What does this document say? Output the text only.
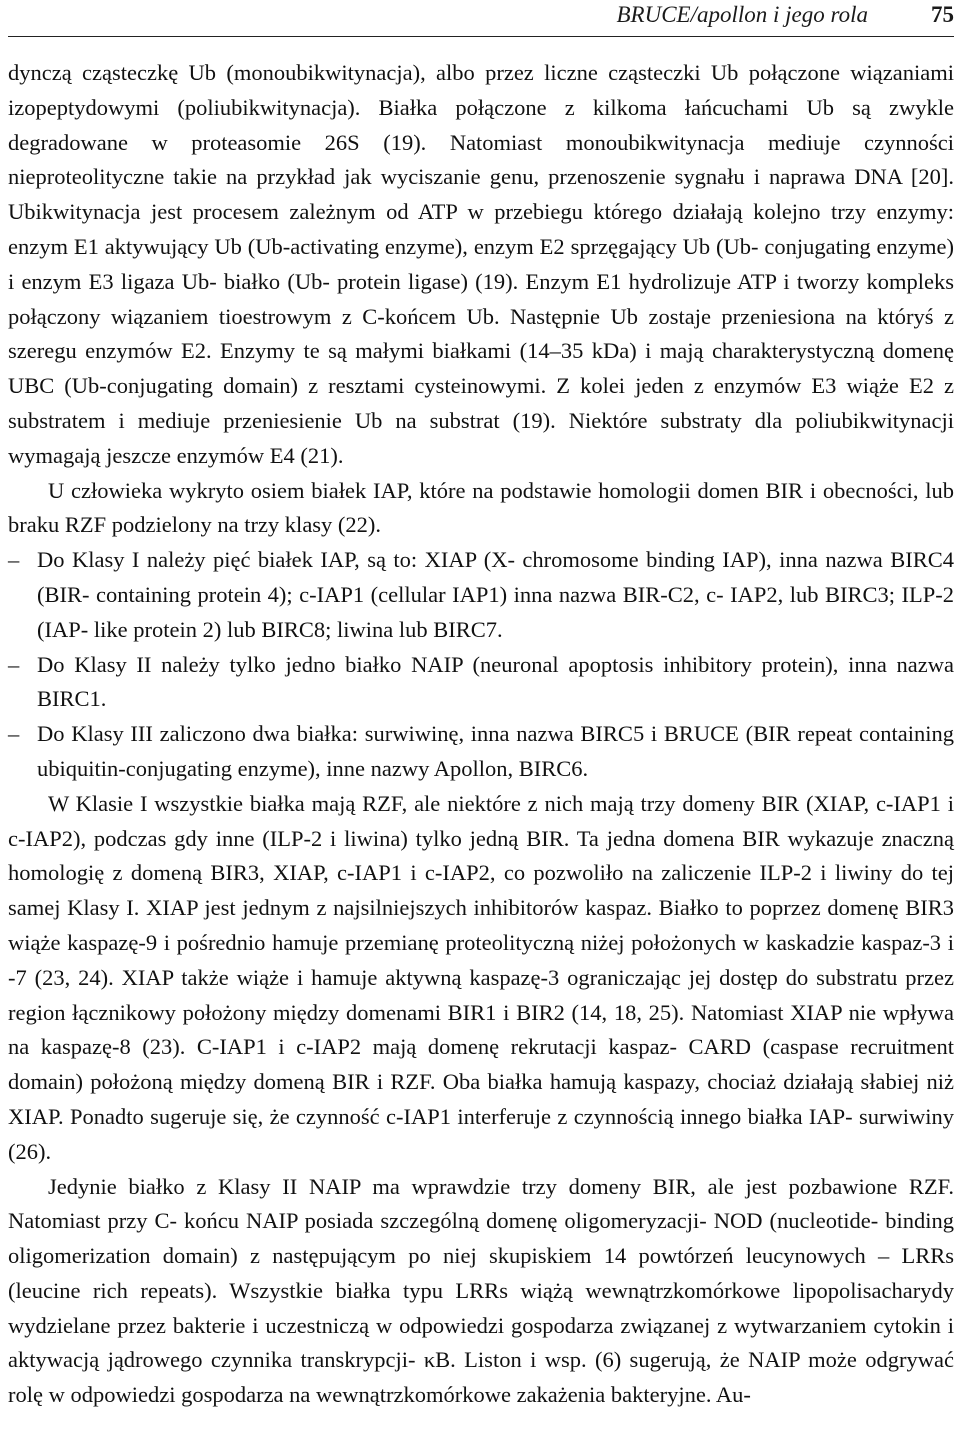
BRUCE/apollon i jego rola	75

dynczą cząsteczkę Ub (monoubikwitynacja), albo przez liczne cząsteczki Ub połączone wiązaniami izopeptydowymi (poliubikwitynacja). Białka połączone z kilkoma łańcuchami Ub są zwykle degradowane w proteasomie 26S (19). Natomiast monoubikwitynacja mediuje czynności nieproteolityczne takie na przykład jak wyciszanie genu, przenoszenie sygnału i naprawa DNA [20]. Ubikwitynacja jest procesem zależnym od ATP w przebiegu którego działają kolejno trzy enzymy: enzym E1 aktywujący Ub (Ub-activating enzyme), enzym E2 sprzęgający Ub (Ub- conjugating enzyme) i enzym E3 ligaza Ub- białko (Ub- protein ligase) (19). Enzym E1 hydrolizuje ATP i tworzy kompleks połączony wiązaniem tioestrowym z C-końcem Ub. Następnie Ub zostaje przeniesiona na któryś z szeregu enzymów E2. Enzymy te są małymi białkami (14–35 kDa) i mają charakterystyczną domenę UBC (Ub-conjugating domain) z resztami cysteinowymi. Z kolei jeden z enzymów E3 wiąże E2 z substratem i mediuje przeniesienie Ub na substrat (19). Niektóre substraty dla poliubikwitynacji wymagają jeszcze enzymów E4 (21).

U człowieka wykryto osiem białek IAP, które na podstawie homologii domen BIR i obecności, lub braku RZF podzielony na trzy klasy (22).

– Do Klasy I należy pięć białek IAP, są to: XIAP (X- chromosome binding IAP), inna nazwa BIRC4 (BIR- containing protein 4); c-IAP1 (cellular IAP1) inna nazwa BIR-C2, c- IAP2, lub BIRC3; ILP-2 (IAP- like protein 2) lub BIRC8; liwina lub BIRC7.
– Do Klasy II należy tylko jedno białko NAIP (neuronal apoptosis inhibitory protein), inna nazwa BIRC1.
– Do Klasy III zaliczono dwa białka: surwiwinę, inna nazwa BIRC5 i BRUCE (BIR repeat containing ubiquitin-conjugating enzyme), inne nazwy Apollon, BIRC6.

W Klasie I wszystkie białka mają RZF, ale niektóre z nich mają trzy domeny BIR (XIAP, c-IAP1 i c-IAP2), podczas gdy inne (ILP-2 i liwina) tylko jedną BIR. Ta jedna domena BIR wykazuje znaczną homologię z domeną BIR3, XIAP, c-IAP1 i c-IAP2, co pozwoliło na zaliczenie ILP-2 i liwiny do tej samej Klasy I. XIAP jest jednym z najsilniejszych inhibitorów kaspaz. Białko to poprzez domenę BIR3 wiąże kaspazę-9 i pośrednio hamuje przemianę proteolityczną niżej położonych w kaskadzie kaspaz-3 i -7 (23, 24). XIAP także wiąże i hamuje aktywną kaspazę-3 ograniczając jej dostęp do substratu przez region łącznikowy położony między domenami BIR1 i BIR2 (14, 18, 25). Natomiast XIAP nie wpływa na kaspazę-8 (23). C-IAP1 i c-IAP2 mają domenę rekrutacji kaspaz- CARD (caspase recruitment domain) położoną między domeną BIR i RZF. Oba białka hamują kaspazy, chociaż działają słabiej niż XIAP. Ponadto sugeruje się, że czynność c-IAP1 interferuje z czynnością innego białka IAP- surwiwiny (26).

Jedynie białko z Klasy II NAIP ma wprawdzie trzy domeny BIR, ale jest pozbawione RZF. Natomiast przy C- końcu NAIP posiada szczególną domenę oligomeryzacji- NOD (nucleotide- binding oligomerization domain) z następującym po niej skupiskiem 14 powtórzeń leucynowych – LRRs (leucine rich repeats). Wszystkie białka typu LRRs wiążą wewnątrzkomórkowe lipopolisacharydy wydzielane przez bakterie i uczestniczą w odpowiedzi gospodarza związanej z wytwarzaniem cytokin i aktywacją jądrowego czynnika transkrypcji- κB. Liston i wsp. (6) sugerują, że NAIP może odgrywać rolę w odpowiedzi gospodarza na wewnątrzkomórkowe zakażenia bakteryjne. Au-
